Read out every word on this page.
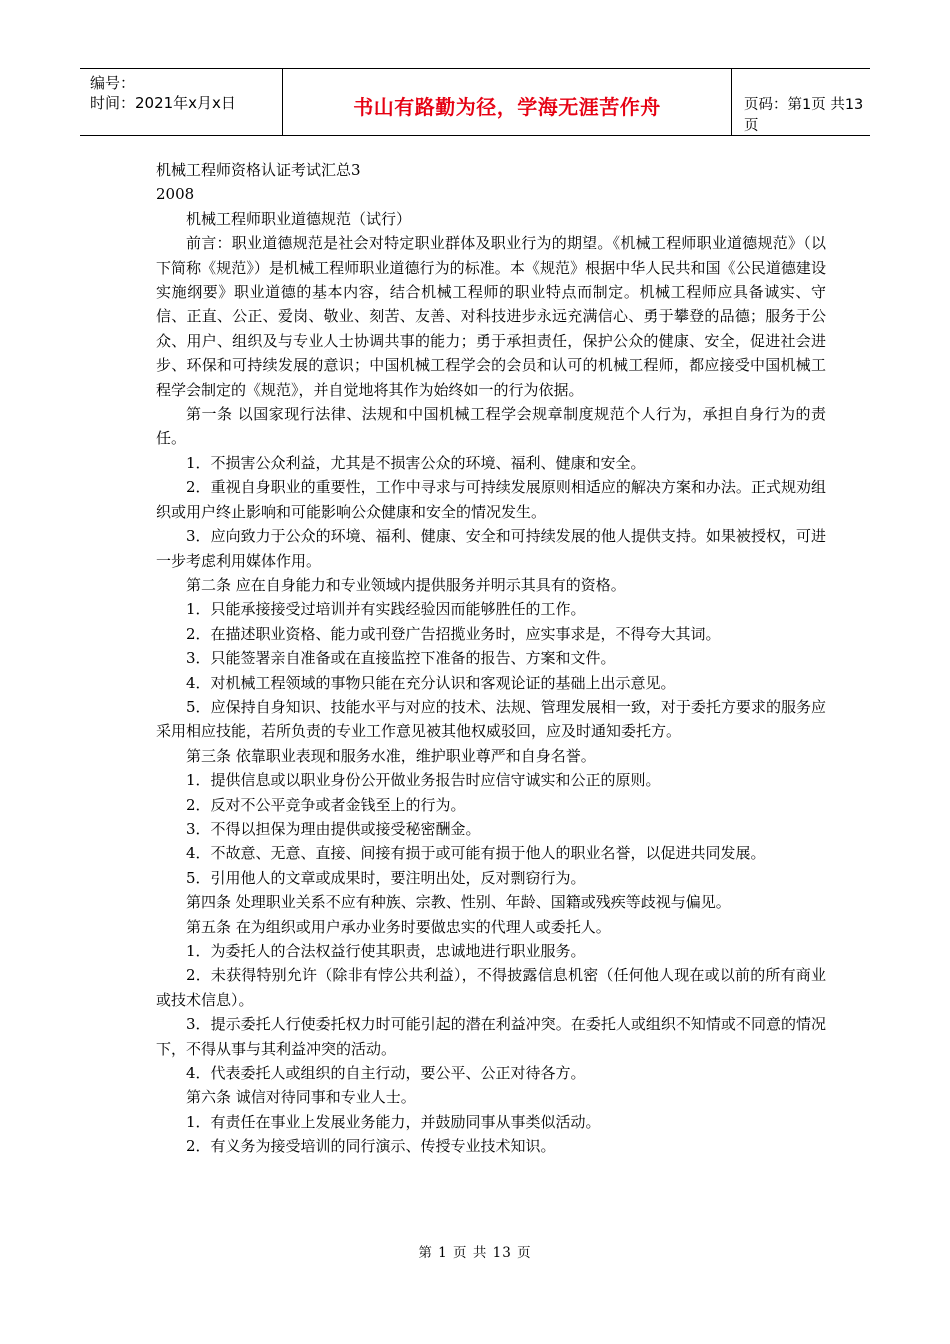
编号：
时间：2021年x月x日	书山有路勤为径，学海无涯苦作舟	页码：第1页 共13页

机械工程师资格认证考试汇总3

2008

机械工程师职业道德规范（试行）

前言：职业道德规范是社会对特定职业群体及职业行为的期望。《机械工程师职业道德规范》（以下简称《规范》）是机械工程师职业道德行为的标准。本《规范》根据中华人民共和国《公民道德建设实施纲要》职业道德的基本内容，结合机械工程师的职业特点而制定。机械工程师应具备诚实、守信、正直、公正、爱岗、敬业、刻苦、友善、对科技进步永远充满信心、勇于攀登的品德；服务于公众、用户、组织及与专业人士协调共事的能力；勇于承担责任，保护公众的健康、安全，促进社会进步、环保和可持续发展的意识；中国机械工程学会的会员和认可的机械工程师，都应接受中国机械工程学会制定的《规范》，并自觉地将其作为始终如一的行为依据。

第一条 以国家现行法律、法规和中国机械工程学会规章制度规范个人行为，承担自身行为的责任。

1．不损害公众利益，尤其是不损害公众的环境、福利、健康和安全。

2．重视自身职业的重要性，工作中寻求与可持续发展原则相适应的解决方案和办法。正式规劝组织或用户终止影响和可能影响公众健康和安全的情况发生。

3．应向致力于公众的环境、福利、健康、安全和可持续发展的他人提供支持。如果被授权，可进一步考虑利用媒体作用。

第二条 应在自身能力和专业领域内提供服务并明示其具有的资格。

1．只能承接接受过培训并有实践经验因而能够胜任的工作。

2．在描述职业资格、能力或刊登广告招揽业务时，应实事求是，不得夸大其词。

3．只能签署亲自准备或在直接监控下准备的报告、方案和文件。

4．对机械工程领域的事物只能在充分认识和客观论证的基础上出示意见。

5．应保持自身知识、技能水平与对应的技术、法规、管理发展相一致，对于委托方要求的服务应采用相应技能，若所负责的专业工作意见被其他权威驳回，应及时通知委托方。

第三条 依靠职业表现和服务水准，维护职业尊严和自身名誉。

1．提供信息或以职业身份公开做业务报告时应信守诚实和公正的原则。

2．反对不公平竞争或者金钱至上的行为。

3．不得以担保为理由提供或接受秘密酬金。

4．不故意、无意、直接、间接有损于或可能有损于他人的职业名誉，以促进共同发展。

5．引用他人的文章或成果时，要注明出处，反对剽窃行为。

第四条 处理职业关系不应有种族、宗教、性别、年龄、国籍或残疾等歧视与偏见。

第五条 在为组织或用户承办业务时要做忠实的代理人或委托人。

1．为委托人的合法权益行使其职责，忠诚地进行职业服务。

2．未获得特别允许（除非有悖公共利益），不得披露信息机密（任何他人现在或以前的所有商业或技术信息）。

3．提示委托人行使委托权力时可能引起的潜在利益冲突。在委托人或组织不知情或不同意的情况下，不得从事与其利益冲突的活动。

4．代表委托人或组织的自主行动，要公平、公正对待各方。

第六条 诚信对待同事和专业人士。

1．有责任在事业上发展业务能力，并鼓励同事从事类似活动。

2．有义务为接受培训的同行演示、传授专业技术知识。

第 1 页 共 13 页
